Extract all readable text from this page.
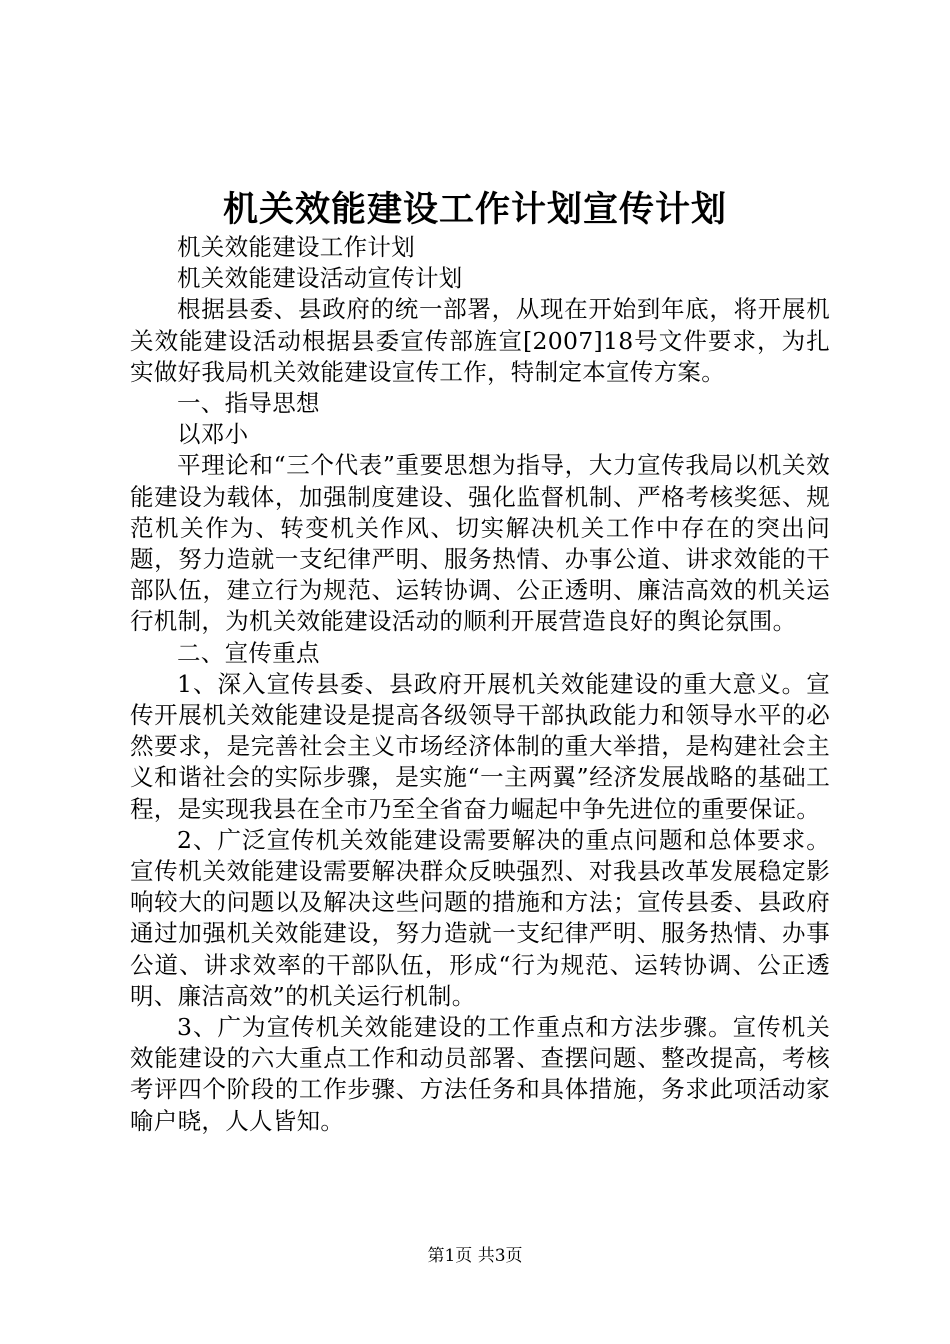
机关效能建设工作计划宣传计划

机关效能建设工作计划

机关效能建设活动宣传计划

根据县委、县政府的统一部署，从现在开始到年底，将开展机关效能建设活动根据县委宣传部旌宣[2007]18号文件要求，为扎实做好我局机关效能建设宣传工作，特制定本宣传方案。

一、指导思想

以邓小

平理论和“三个代表”重要思想为指导，大力宣传我局以机关效能建设为载体，加强制度建设、强化监督机制、严格考核奖惩、规范机关作为、转变机关作风、切实解决机关工作中存在的突出问题，努力造就一支纪律严明、服务热情、办事公道、讲求效能的干部队伍，建立行为规范、运转协调、公正透明、廉洁高效的机关运行机制，为机关效能建设活动的顺利开展营造良好的舆论氛围。

二、宣传重点

1、深入宣传县委、县政府开展机关效能建设的重大意义。宣传开展机关效能建设是提高各级领导干部执政能力和领导水平的必然要求，是完善社会主义市场经济体制的重大举措，是构建社会主义和谐社会的实际步骤，是实施“一主两翼”经济发展战略的基础工程，是实现我县在全市乃至全省奋力崛起中争先进位的重要保证。

2、广泛宣传机关效能建设需要解决的重点问题和总体要求。宣传机关效能建设需要解决群众反映强烈、对我县改革发展稳定影响较大的问题以及解决这些问题的措施和方法；宣传县委、县政府通过加强机关效能建设，努力造就一支纪律严明、服务热情、办事公道、讲求效率的干部队伍，形成“行为规范、运转协调、公正透明、廉洁高效”的机关运行机制。

3、广为宣传机关效能建设的工作重点和方法步骤。宣传机关效能建设的六大重点工作和动员部署、查摆问题、整改提高，考核考评四个阶段的工作步骤、方法任务和具体措施，务求此项活动家喻户晓，人人皆知。

第1页 共3页
